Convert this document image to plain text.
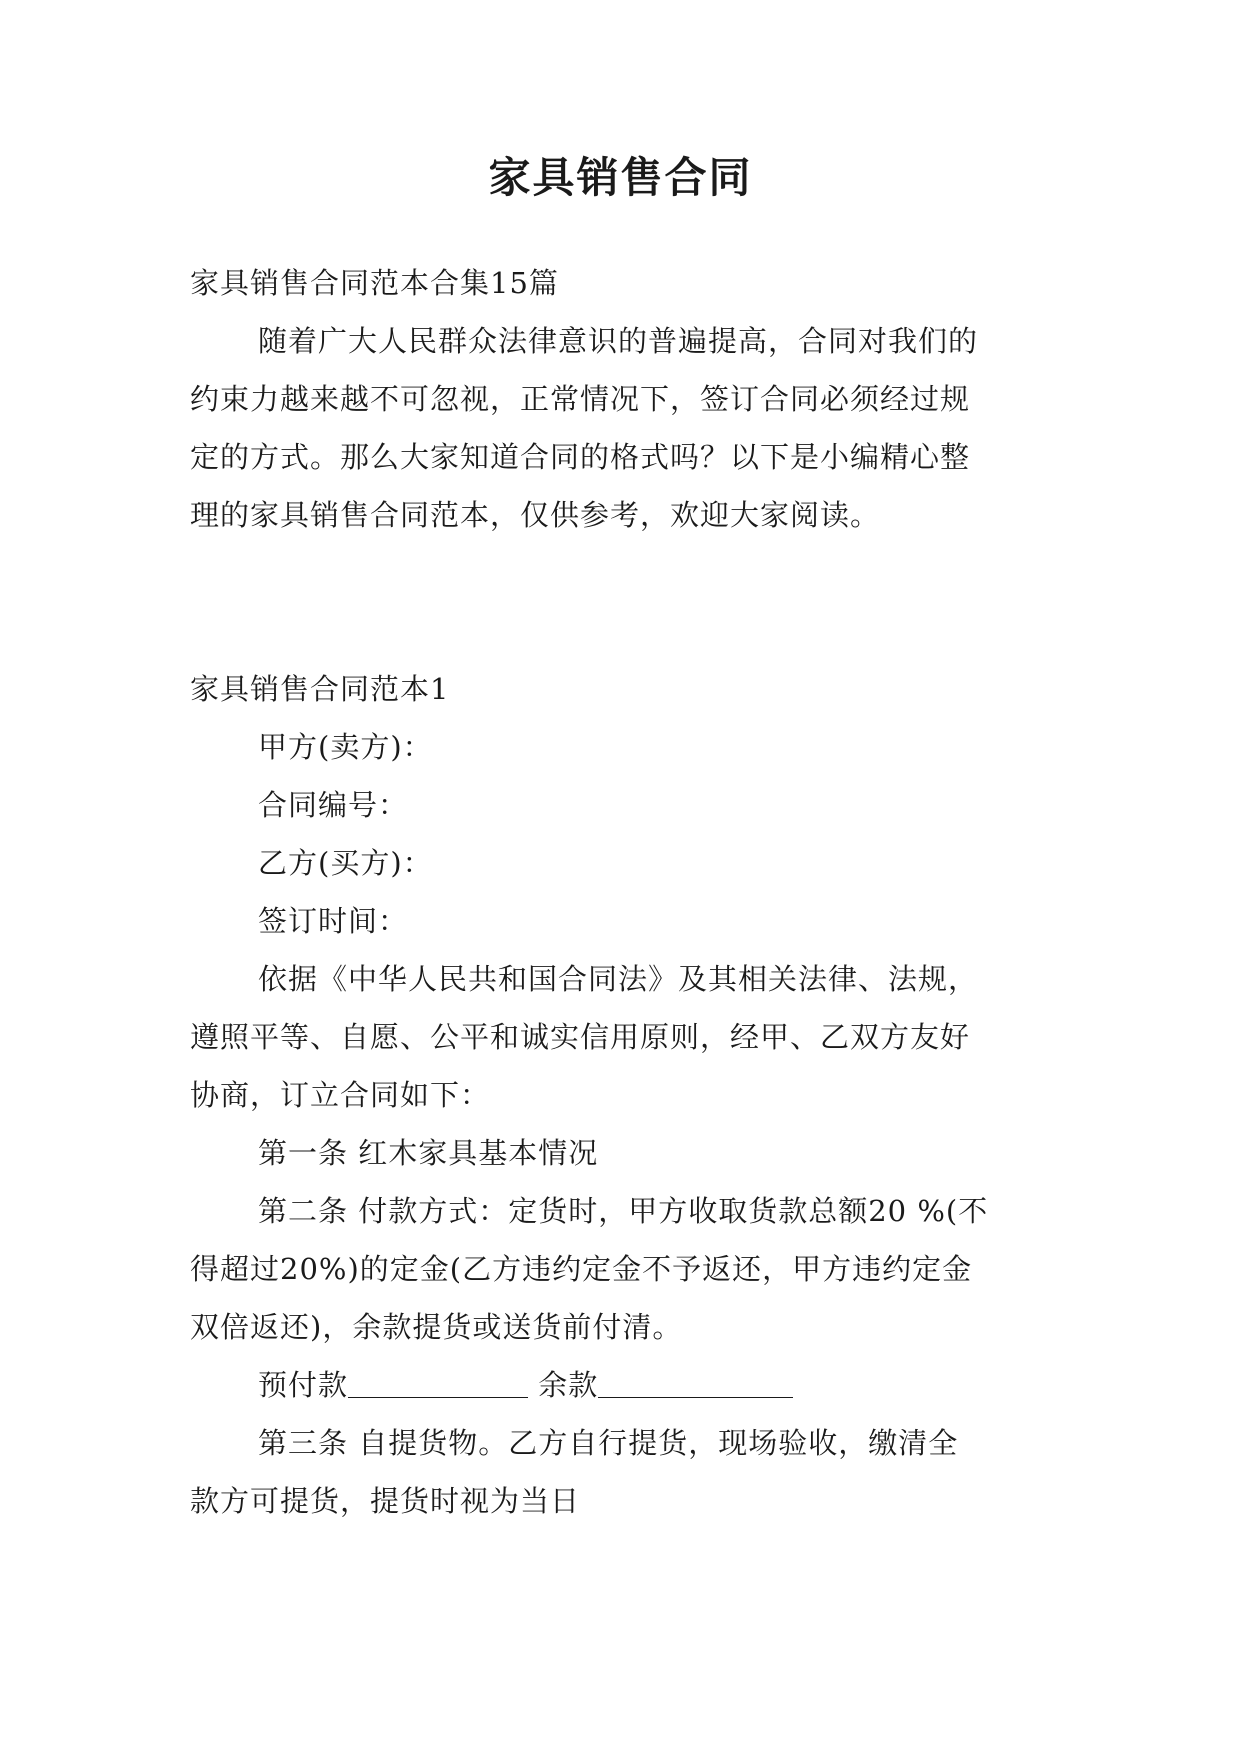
家具销售合同
家具销售合同范本合集15篇
随着广大人民群众法律意识的普遍提高，合同对我们的
约束力越来越不可忽视，正常情况下，签订合同必须经过规
定的方式。那么大家知道合同的格式吗？以下是小编精心整
理的家具销售合同范本，仅供参考，欢迎大家阅读。
家具销售合同范本1
甲方(卖方)：
合同编号：
乙方(买方)：
签订时间：
依据《中华人民共和国合同法》及其相关法律、法规，
遵照平等、自愿、公平和诚实信用原则，经甲、乙双方友好
协商，订立合同如下：
第一条 红木家具基本情况
第二条 付款方式：定货时，甲方收取货款总额20 %(不
得超过20%)的定金(乙方违约定金不予返还，甲方违约定金
双倍返还)，余款提货或送货前付清。
预付款	余款
第三条 自提货物。乙方自行提货，现场验收，缴清全
款方可提货，提货时视为当日
